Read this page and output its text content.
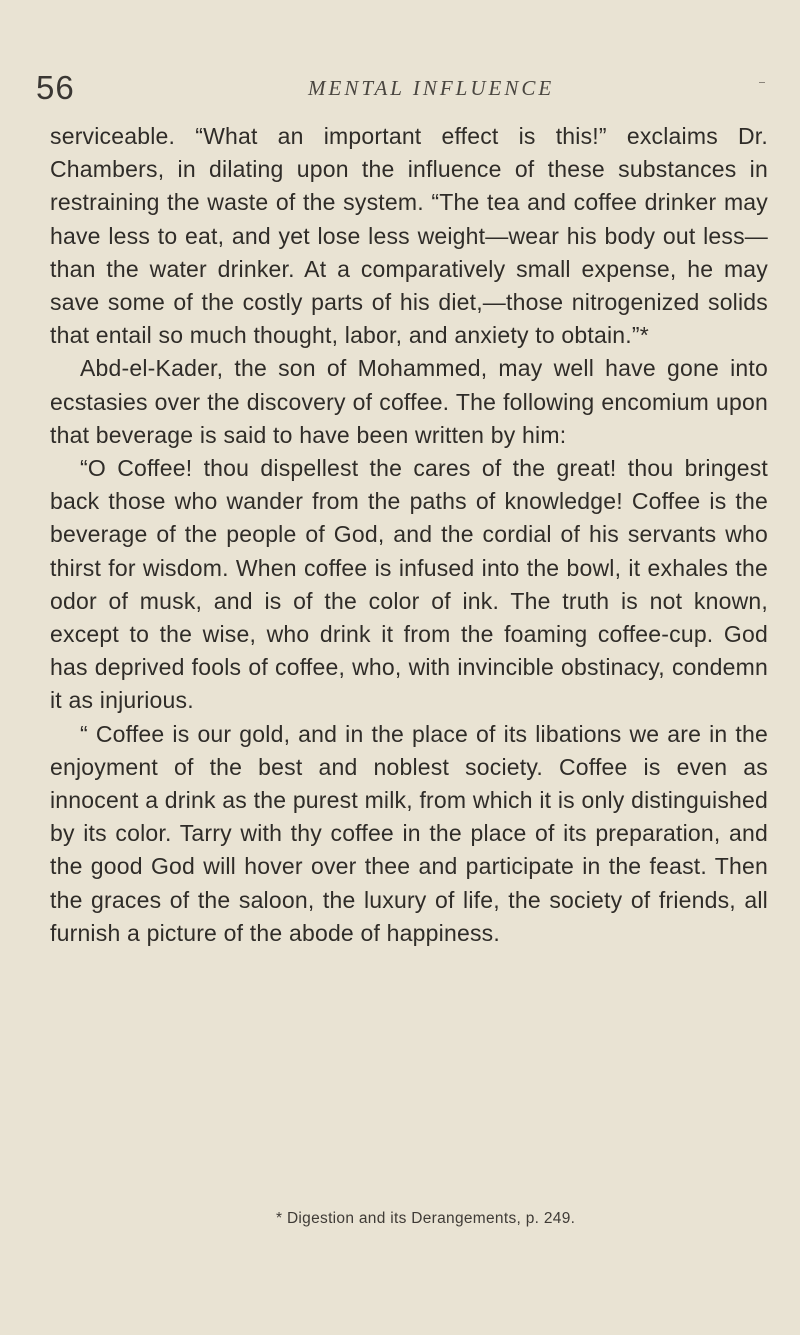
56	MENTAL INFLUENCE

serviceable. “What an important effect is this!” exclaims Dr. Chambers, in dilating upon the influence of these substances in restraining the waste of the system. “The tea and coffee drinker may have less to eat, and yet lose less weight—wear his body out less—than the water drinker. At a comparatively small expense, he may save some of the costly parts of his diet,—those nitrogenized solids that entail so much thought, labor, and anxiety to obtain.”*

Abd-el-Kader, the son of Mohammed, may well have gone into ecstasies over the discovery of coffee. The following encomium upon that beverage is said to have been written by him:

“O Coffee! thou dispellest the cares of the great! thou bringest back those who wander from the paths of knowledge! Coffee is the beverage of the people of God, and the cordial of his servants who thirst for wisdom. When coffee is infused into the bowl, it exhales the odor of musk, and is of the color of ink. The truth is not known, except to the wise, who drink it from the foaming coffee-cup. God has deprived fools of coffee, who, with invincible obstinacy, condemn it as injurious.

“ Coffee is our gold, and in the place of its libations we are in the enjoyment of the best and noblest society. Coffee is even as innocent a drink as the purest milk, from which it is only distinguished by its color. Tarry with thy coffee in the place of its preparation, and the good God will hover over thee and participate in the feast. Then the graces of the saloon, the luxury of life, the society of friends, all furnish a picture of the abode of happiness.

* Digestion and its Derangements, p. 249.
